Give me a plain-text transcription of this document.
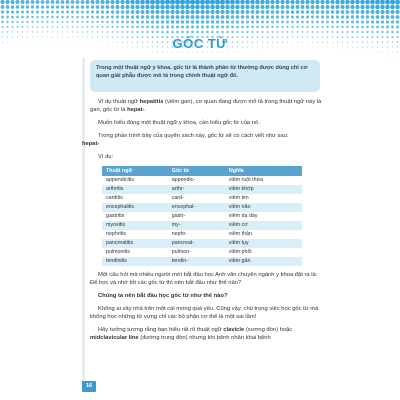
GỐC TỪ
Trong một thuật ngữ y khoa, gốc từ là thành phần từ thường được dùng chỉ cơ quan giải phẫu được mô tả trong chính thuật ngữ đó.

Ví dụ thuật ngữ hepatitis (viêm gan), cơ quan đang được mô tả trong thuật ngữ này là gan, gốc từ là hepat-.

Muốn hiểu đúng một thuật ngữ y khoa, cần hiểu gốc từ của nó.

Trong phần trình bày của quyển sách này, gốc từ sẽ có cách viết như sau:
hepat-

Ví dụ:

Thuật ngữ	Gốc từ	Nghĩa
appendicitis	appendic-	viêm ruột thừa
arthritis	arthr-	viêm khớp
carditis	card-	viêm tim
encephalitis	encephal-	viêm não
gastritis	gastr-	viêm dạ dày
myositis	my-	viêm cơ
nephritis	nephr-	viêm thận
pancreatitis	pancreat-	viêm tụy
pulmonitis	pulmon-	viêm phổi
tendinitis	tendin-	viêm gân

Một câu hỏi mà nhiều người mới bắt đầu học Anh văn chuyên ngành y khoa đặt ra là: Để học và nhớ tốt các gốc từ thì nên bắt đầu như thế nào?

Chúng ta nên bắt đầu học gốc từ như thế nào?

Không ai xây nhà trên một cái móng quá yếu. Cũng vậy, chú trọng việc học gốc từ mà không học những từ vựng chỉ các bộ phận cơ thể là một sai lầm!

Hãy tưởng tượng rằng bạn hiểu rất rõ thuật ngữ clavicle (xương đòn) hoặc midclavicular line (đường trung đòn) nhưng khi bệnh nhân khai bệnh

16
